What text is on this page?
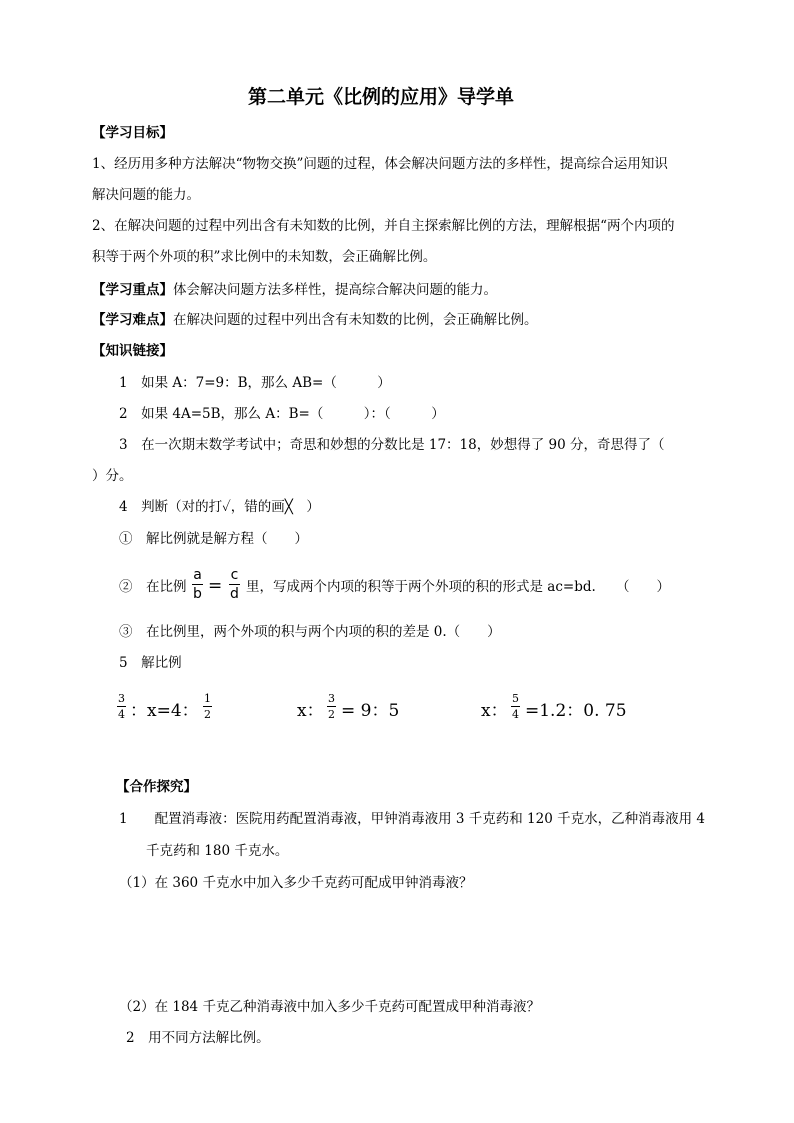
第二单元《比例的应用》导学单
【学习目标】
1、经历用多种方法解决“物物交换”问题的过程，体会解决问题方法的多样性，提高综合运用知识
解决问题的能力。
2、在解决问题的过程中列出含有未知数的比例，并自主探索解比例的方法，理解根据“两个内项的
积等于两个外项的积”求比例中的未知数，会正确解比例。
【学习重点】体会解决问题方法多样性，提高综合解决问题的能力。
【学习难点】在解决问题的过程中列出含有未知数的比例，会正确解比例。
【知识链接】
1　如果 A：7=9：B，那么 AB=（　　　）
2　如果 4A=5B，那么 A：B=（　　　）：（　　　）
3　在一次期末数学考试中；奇思和妙想的分数比是 17：18，妙想得了 90 分，奇思得了（
）分。
4　判断（对的打✓，错的画╳　）
①　解比例就是解方程（　　）
②　在比例
a
b =
c
d 里，写成两个内项的积等于两个外项的积的形式是 ac=bd.　　（　　）
③　在比例里，两个外项的积与两个内项的积的差是 0.（　　）
5　解比例
3
4 ：x=4：
1
2	x：
3
2 = 9：5	x：
5
4 =1.2：0. 75
【合作探究】
1　　配置消毒液：医院用药配置消毒液，甲钟消毒液用 3 千克药和 120 千克水，乙种消毒液用 4
千克药和 180 千克水。
（1）在 360 千克水中加入多少千克药可配成甲钟消毒液？
（2）在 184 千克乙种消毒液中加入多少千克药可配置成甲种消毒液？
2　用不同方法解比例。
